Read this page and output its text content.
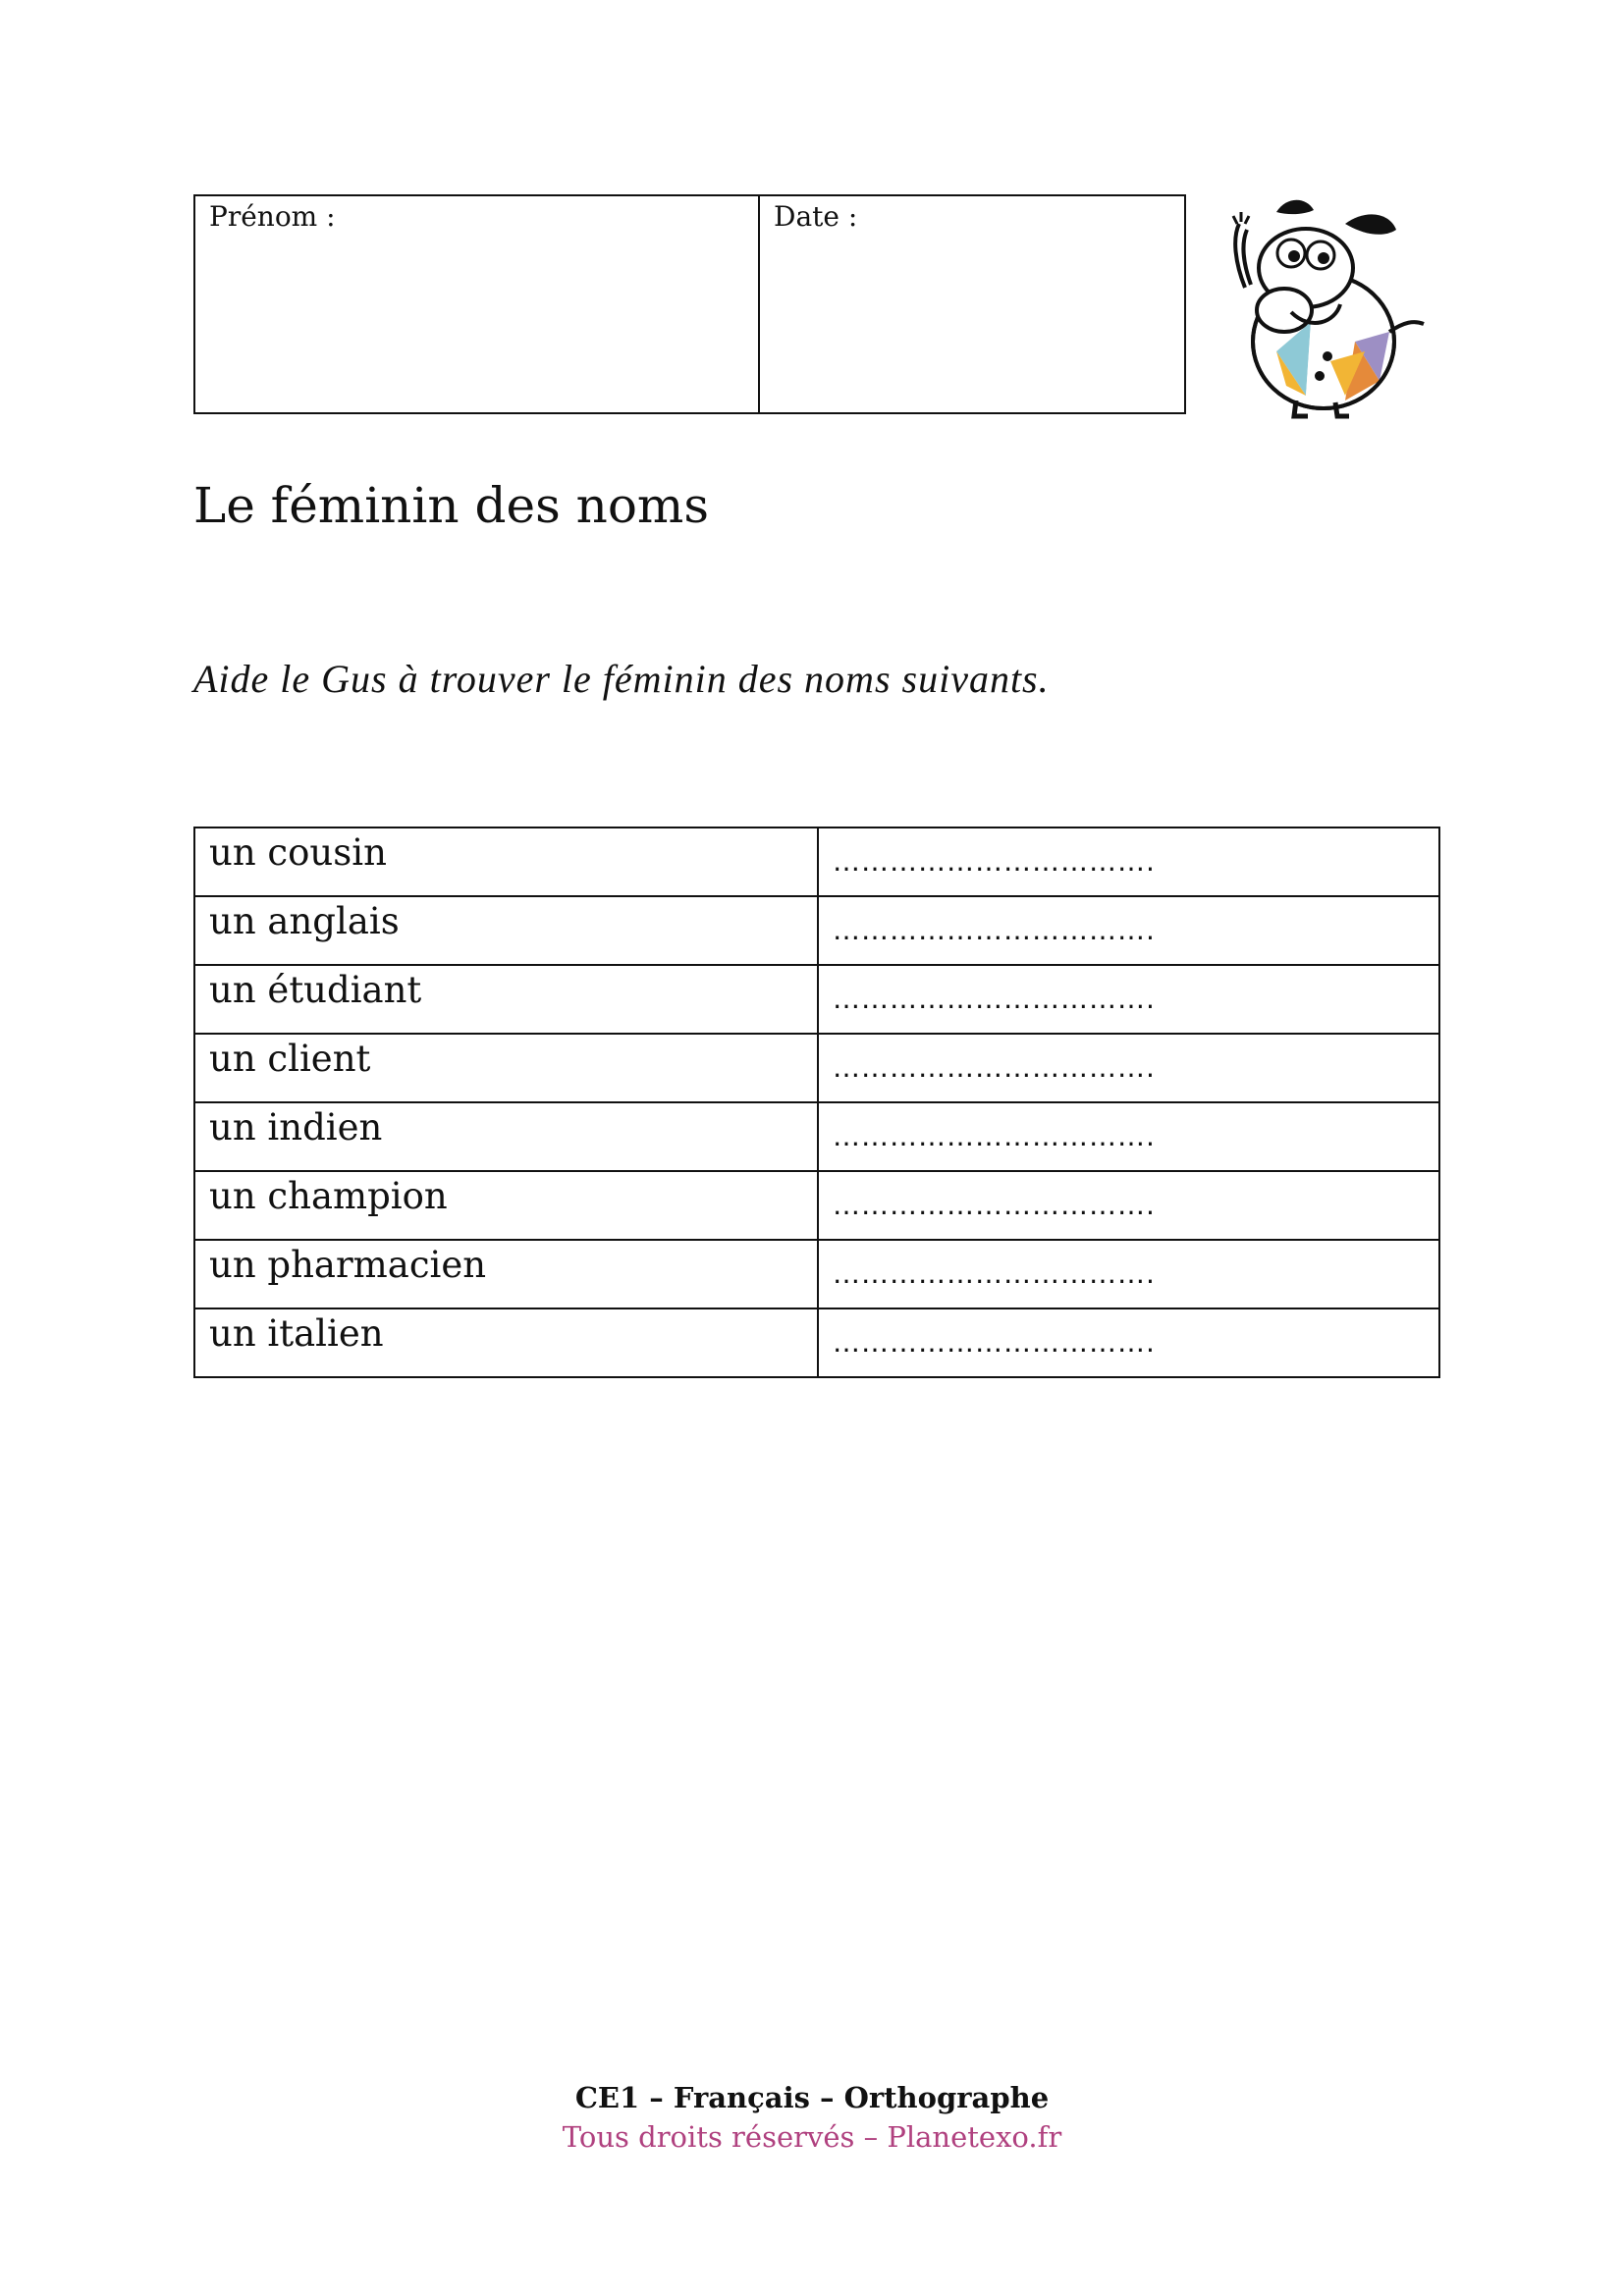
Prénom :	Date :
Le féminin des noms

Aide le Gus à trouver le féminin des noms suivants.

un cousin	…………………………….
un anglais	…………………………….
un étudiant	…………………………….
un client	…………………………….
un indien	…………………………….
un champion	…………………………….
un pharmacien	…………………………….
un italien	…………………………….
CE1 – Français – Orthographe
Tous droits réservés – Planetexo.fr
